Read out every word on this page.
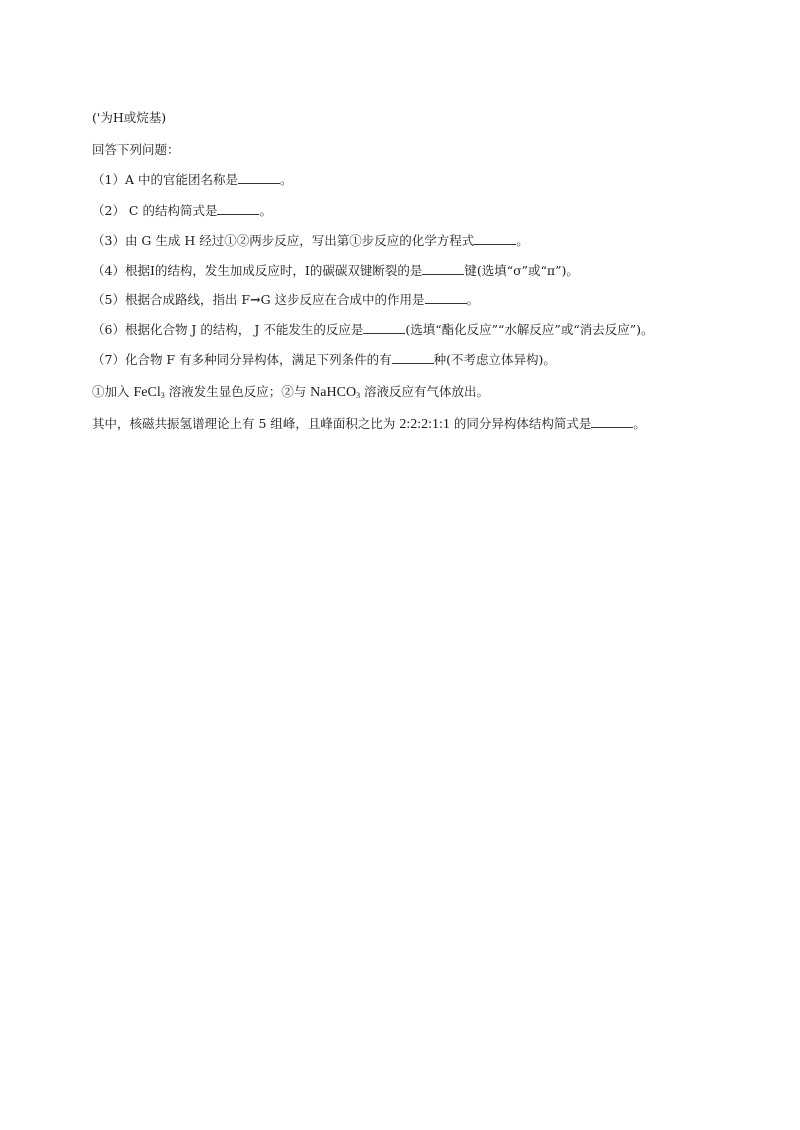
('为H或烷基)
回答下列问题：
（1）A 中的官能团名称是	。
（2） C 的结构简式是	。
（3）由 G 生成 H 经过①②两步反应，写出第①步反应的化学方程式	。
（4）根据I的结构，发生加成反应时，I的碳碳双键断裂的是	键(选填“σ”或“π”)。
（5）根据合成路线，指出 F→G 这步反应在合成中的作用是	。
（6）根据化合物 J 的结构， J 不能发生的反应是	(选填“酯化反应”“水解反应”或“消去反应”)。
（7）化合物 F 有多种同分异构体，满足下列条件的有	种(不考虑立体异构)。
①加入 FeCl$_3$ 溶液发生显色反应；②与 NaHCO$_3$ 溶液反应有气体放出。
其中，核磁共振氢谱理论上有 5 组峰，且峰面积之比为 2:2:2:1:1 的同分异构体结构简式是	。
